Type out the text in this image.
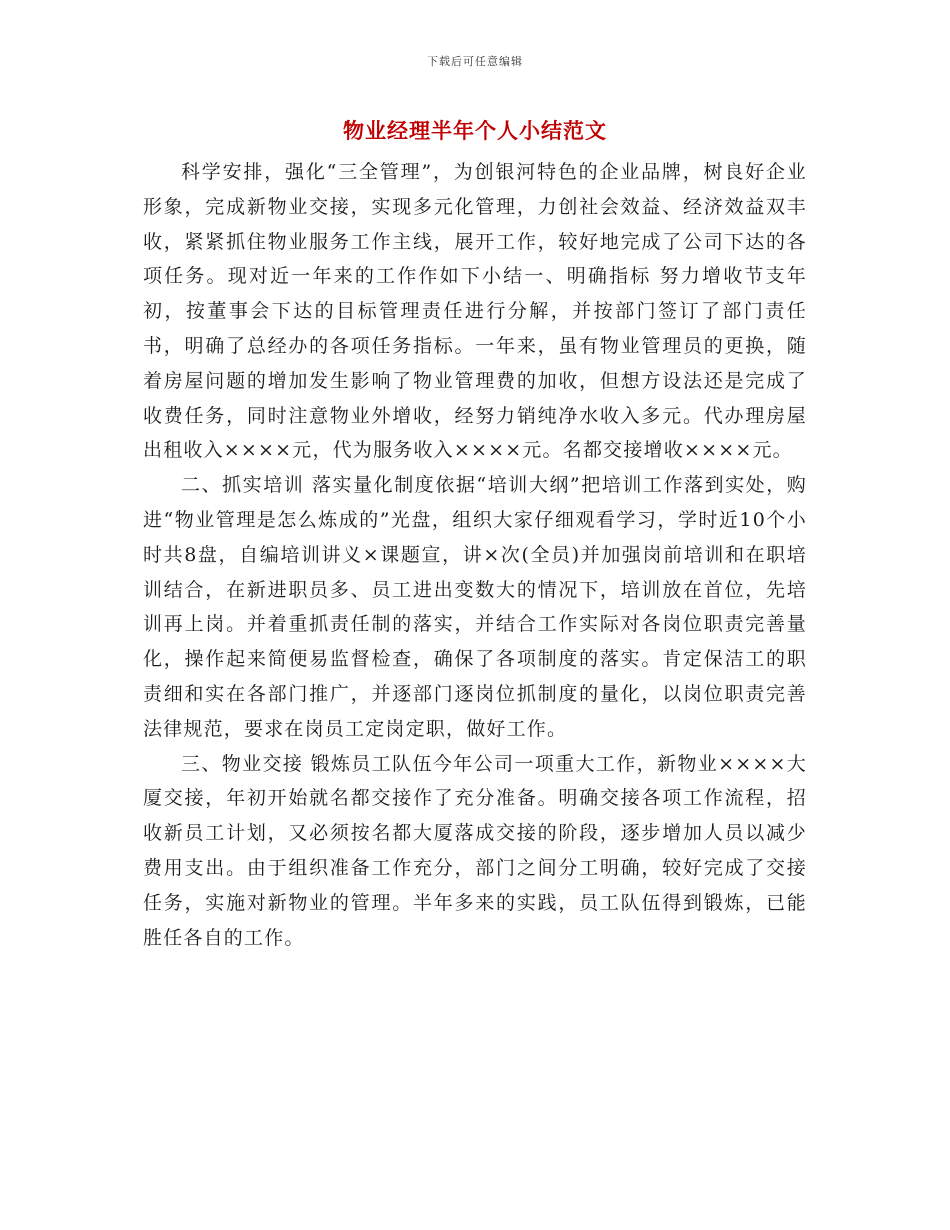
下载后可任意编辑
物业经理半年个人小结范文

科学安排，强化“三全管理”，为创银河特色的企业品牌，树良好企业形象，完成新物业交接，实现多元化管理，力创社会效益、经济效益双丰收，紧紧抓住物业服务工作主线，展开工作，较好地完成了公司下达的各项任务。现对近一年来的工作作如下小结一、明确指标 努力增收节支年初，按董事会下达的目标管理责任进行分解，并按部门签订了部门责任书，明确了总经办的各项任务指标。一年来，虽有物业管理员的更换，随着房屋问题的增加发生影响了物业管理费的加收，但想方设法还是完成了收费任务，同时注意物业外增收，经努力销纯净水收入多元。代办理房屋出租收入××××元，代为服务收入××××元。名都交接增收××××元。

二、抓实培训 落实量化制度依据“培训大纲”把培训工作落到实处，购进“物业管理是怎么炼成的”光盘，组织大家仔细观看学习，学时近10个小时共8盘，自编培训讲义×课题宣，讲×次(全员)并加强岗前培训和在职培训结合，在新进职员多、员工进出变数大的情况下，培训放在首位，先培训再上岗。并着重抓责任制的落实，并结合工作实际对各岗位职责完善量化，操作起来简便易监督检查，确保了各项制度的落实。肯定保洁工的职责细和实在各部门推广，并逐部门逐岗位抓制度的量化，以岗位职责完善法律规范，要求在岗员工定岗定职，做好工作。

三、物业交接 锻炼员工队伍今年公司一项重大工作，新物业××××大厦交接，年初开始就名都交接作了充分准备。明确交接各项工作流程，招收新员工计划，又必须按名都大厦落成交接的阶段，逐步增加人员以减少费用支出。由于组织准备工作充分，部门之间分工明确，较好完成了交接任务，实施对新物业的管理。半年多来的实践，员工队伍得到锻炼，已能胜任各自的工作。
